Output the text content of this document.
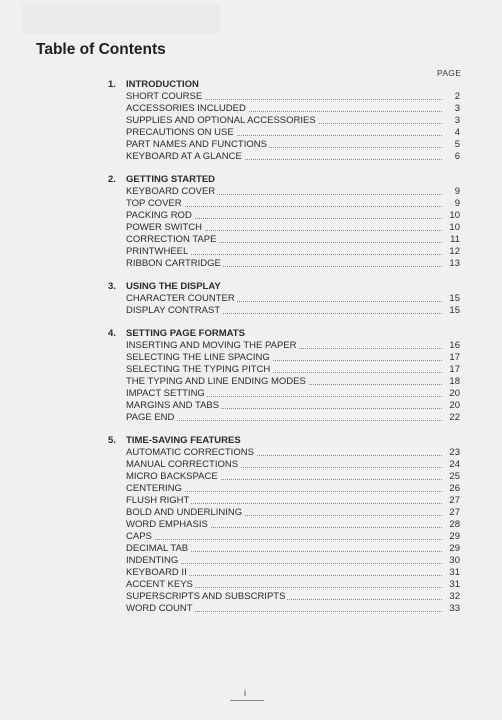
Table of Contents
PAGE
1. INTRODUCTION
SHORT COURSE	2
ACCESSORIES INCLUDED	3
SUPPLIES AND OPTIONAL ACCESSORIES	3
PRECAUTIONS ON USE	4
PART NAMES AND FUNCTIONS	5
KEYBOARD AT A GLANCE	6
2. GETTING STARTED
KEYBOARD COVER	9
TOP COVER	9
PACKING ROD	10
POWER SWITCH	10
CORRECTION TAPE	11
PRINTWHEEL	12
RIBBON CARTRIDGE	13
3. USING THE DISPLAY
CHARACTER COUNTER	15
DISPLAY CONTRAST	15
4. SETTING PAGE FORMATS
INSERTING AND MOVING THE PAPER	16
SELECTING THE LINE SPACING	17
SELECTING THE TYPING PITCH	17
THE TYPING AND LINE ENDING MODES	18
IMPACT SETTING	20
MARGINS AND TABS	20
PAGE END	22
5. TIME-SAVING FEATURES
AUTOMATIC CORRECTIONS	23
MANUAL CORRECTIONS	24
MICRO BACKSPACE	25
CENTERING	26
FLUSH RIGHT	27
BOLD AND UNDERLINING	27
WORD EMPHASIS	28
CAPS	29
DECIMAL TAB	29
INDENTING	30
KEYBOARD II	31
ACCENT KEYS	31
SUPERSCRIPTS AND SUBSCRIPTS	32
WORD COUNT	33
i
